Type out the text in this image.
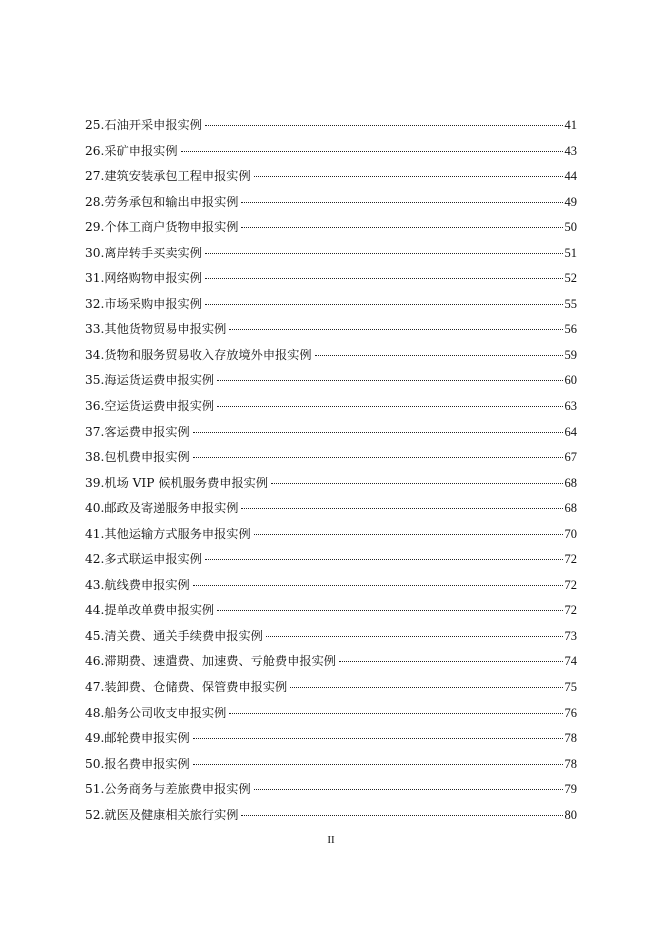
25.石油开采申报实例	41
26.采矿申报实例	43
27.建筑安装承包工程申报实例	44
28.劳务承包和输出申报实例	49
29.个体工商户货物申报实例	50
30.离岸转手买卖实例	51
31.网络购物申报实例	52
32.市场采购申报实例	55
33.其他货物贸易申报实例	56
34.货物和服务贸易收入存放境外申报实例	59
35.海运货运费申报实例	60
36.空运货运费申报实例	63
37.客运费申报实例	64
38.包机费申报实例	67
39.机场 VIP 候机服务费申报实例	68
40.邮政及寄递服务申报实例	68
41.其他运输方式服务申报实例	70
42.多式联运申报实例	72
43.航线费申报实例	72
44.提单改单费申报实例	72
45.清关费、通关手续费申报实例	73
46.滞期费、速遣费、加速费、亏舱费申报实例	74
47.装卸费、仓储费、保管费申报实例	75
48.船务公司收支申报实例	76
49.邮轮费申报实例	78
50.报名费申报实例	78
51.公务商务与差旅费申报实例	79
52.就医及健康相关旅行实例	80
II
